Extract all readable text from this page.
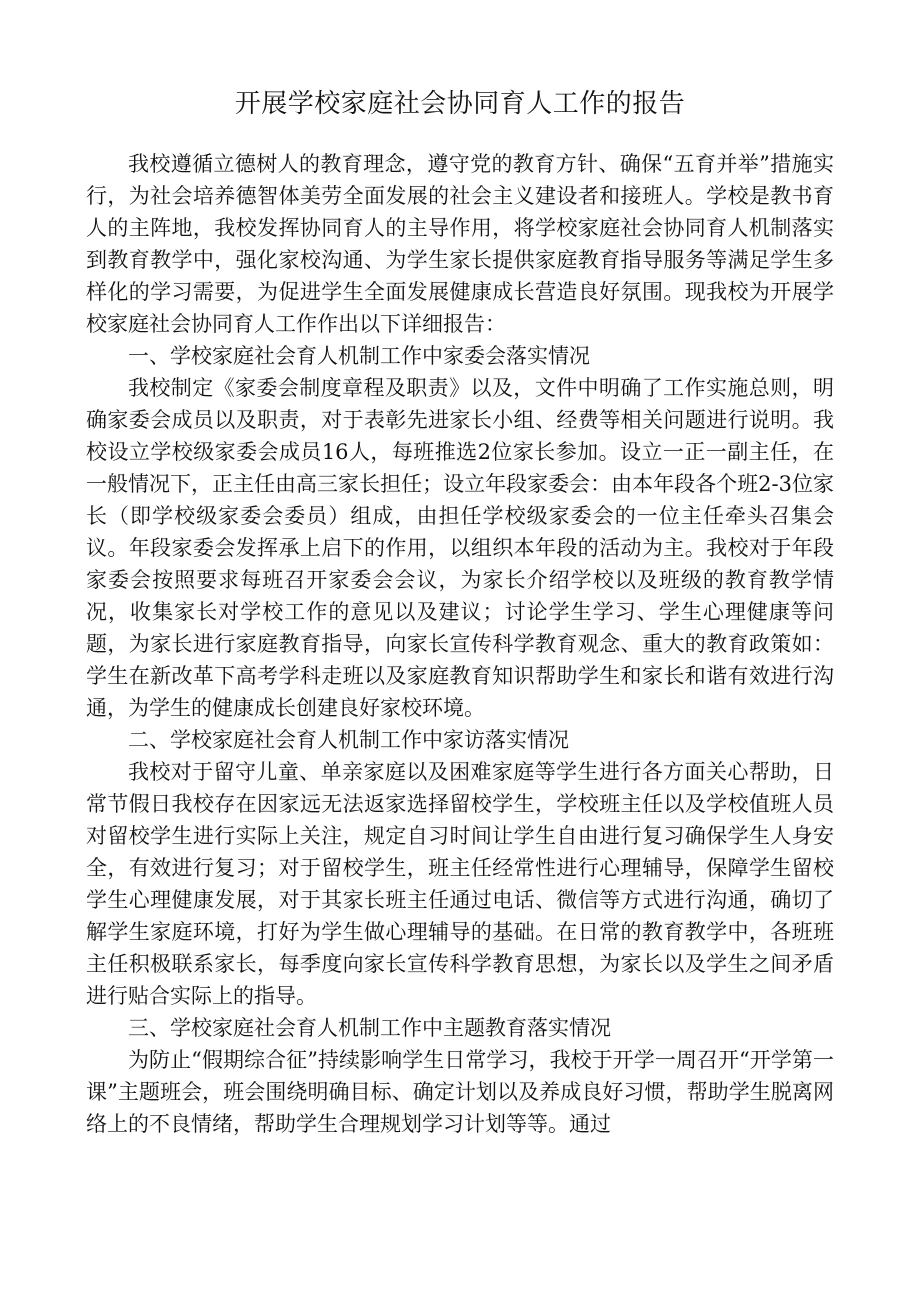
开展学校家庭社会协同育人工作的报告

我校遵循立德树人的教育理念，遵守党的教育方针、确保“五育并举”措施实行，为社会培养德智体美劳全面发展的社会主义建设者和接班人。学校是教书育人的主阵地，我校发挥协同育人的主导作用，将学校家庭社会协同育人机制落实到教育教学中，强化家校沟通、为学生家长提供家庭教育指导服务等满足学生多样化的学习需要，为促进学生全面发展健康成长营造良好氛围。现我校为开展学校家庭社会协同育人工作作出以下详细报告：

一、学校家庭社会育人机制工作中家委会落实情况

我校制定《家委会制度章程及职责》以及，文件中明确了工作实施总则，明确家委会成员以及职责，对于表彰先进家长小组、经费等相关问题进行说明。我校设立学校级家委会成员16人，每班推选2位家长参加。设立一正一副主任，在一般情况下，正主任由高三家长担任；设立年段家委会：由本年段各个班2-3位家长（即学校级家委会委员）组成，由担任学校级家委会的一位主任牵头召集会议。年段家委会发挥承上启下的作用，以组织本年段的活动为主。我校对于年段家委会按照要求每班召开家委会会议，为家长介绍学校以及班级的教育教学情况，收集家长对学校工作的意见以及建议；讨论学生学习、学生心理健康等问题，为家长进行家庭教育指导，向家长宣传科学教育观念、重大的教育政策如：学生在新改革下高考学科走班以及家庭教育知识帮助学生和家长和谐有效进行沟通，为学生的健康成长创建良好家校环境。

二、学校家庭社会育人机制工作中家访落实情况

我校对于留守儿童、单亲家庭以及困难家庭等学生进行各方面关心帮助，日常节假日我校存在因家远无法返家选择留校学生，学校班主任以及学校值班人员对留校学生进行实际上关注，规定自习时间让学生自由进行复习确保学生人身安全，有效进行复习；对于留校学生，班主任经常性进行心理辅导，保障学生留校学生心理健康发展，对于其家长班主任通过电话、微信等方式进行沟通，确切了解学生家庭环境，打好为学生做心理辅导的基础。在日常的教育教学中，各班班主任积极联系家长，每季度向家长宣传科学教育思想，为家长以及学生之间矛盾进行贴合实际上的指导。

三、学校家庭社会育人机制工作中主题教育落实情况

为防止“假期综合征”持续影响学生日常学习，我校于开学一周召开“开学第一课”主题班会，班会围绕明确目标、确定计划以及养成良好习惯，帮助学生脱离网络上的不良情绪，帮助学生合理规划学习计划等等。通过
